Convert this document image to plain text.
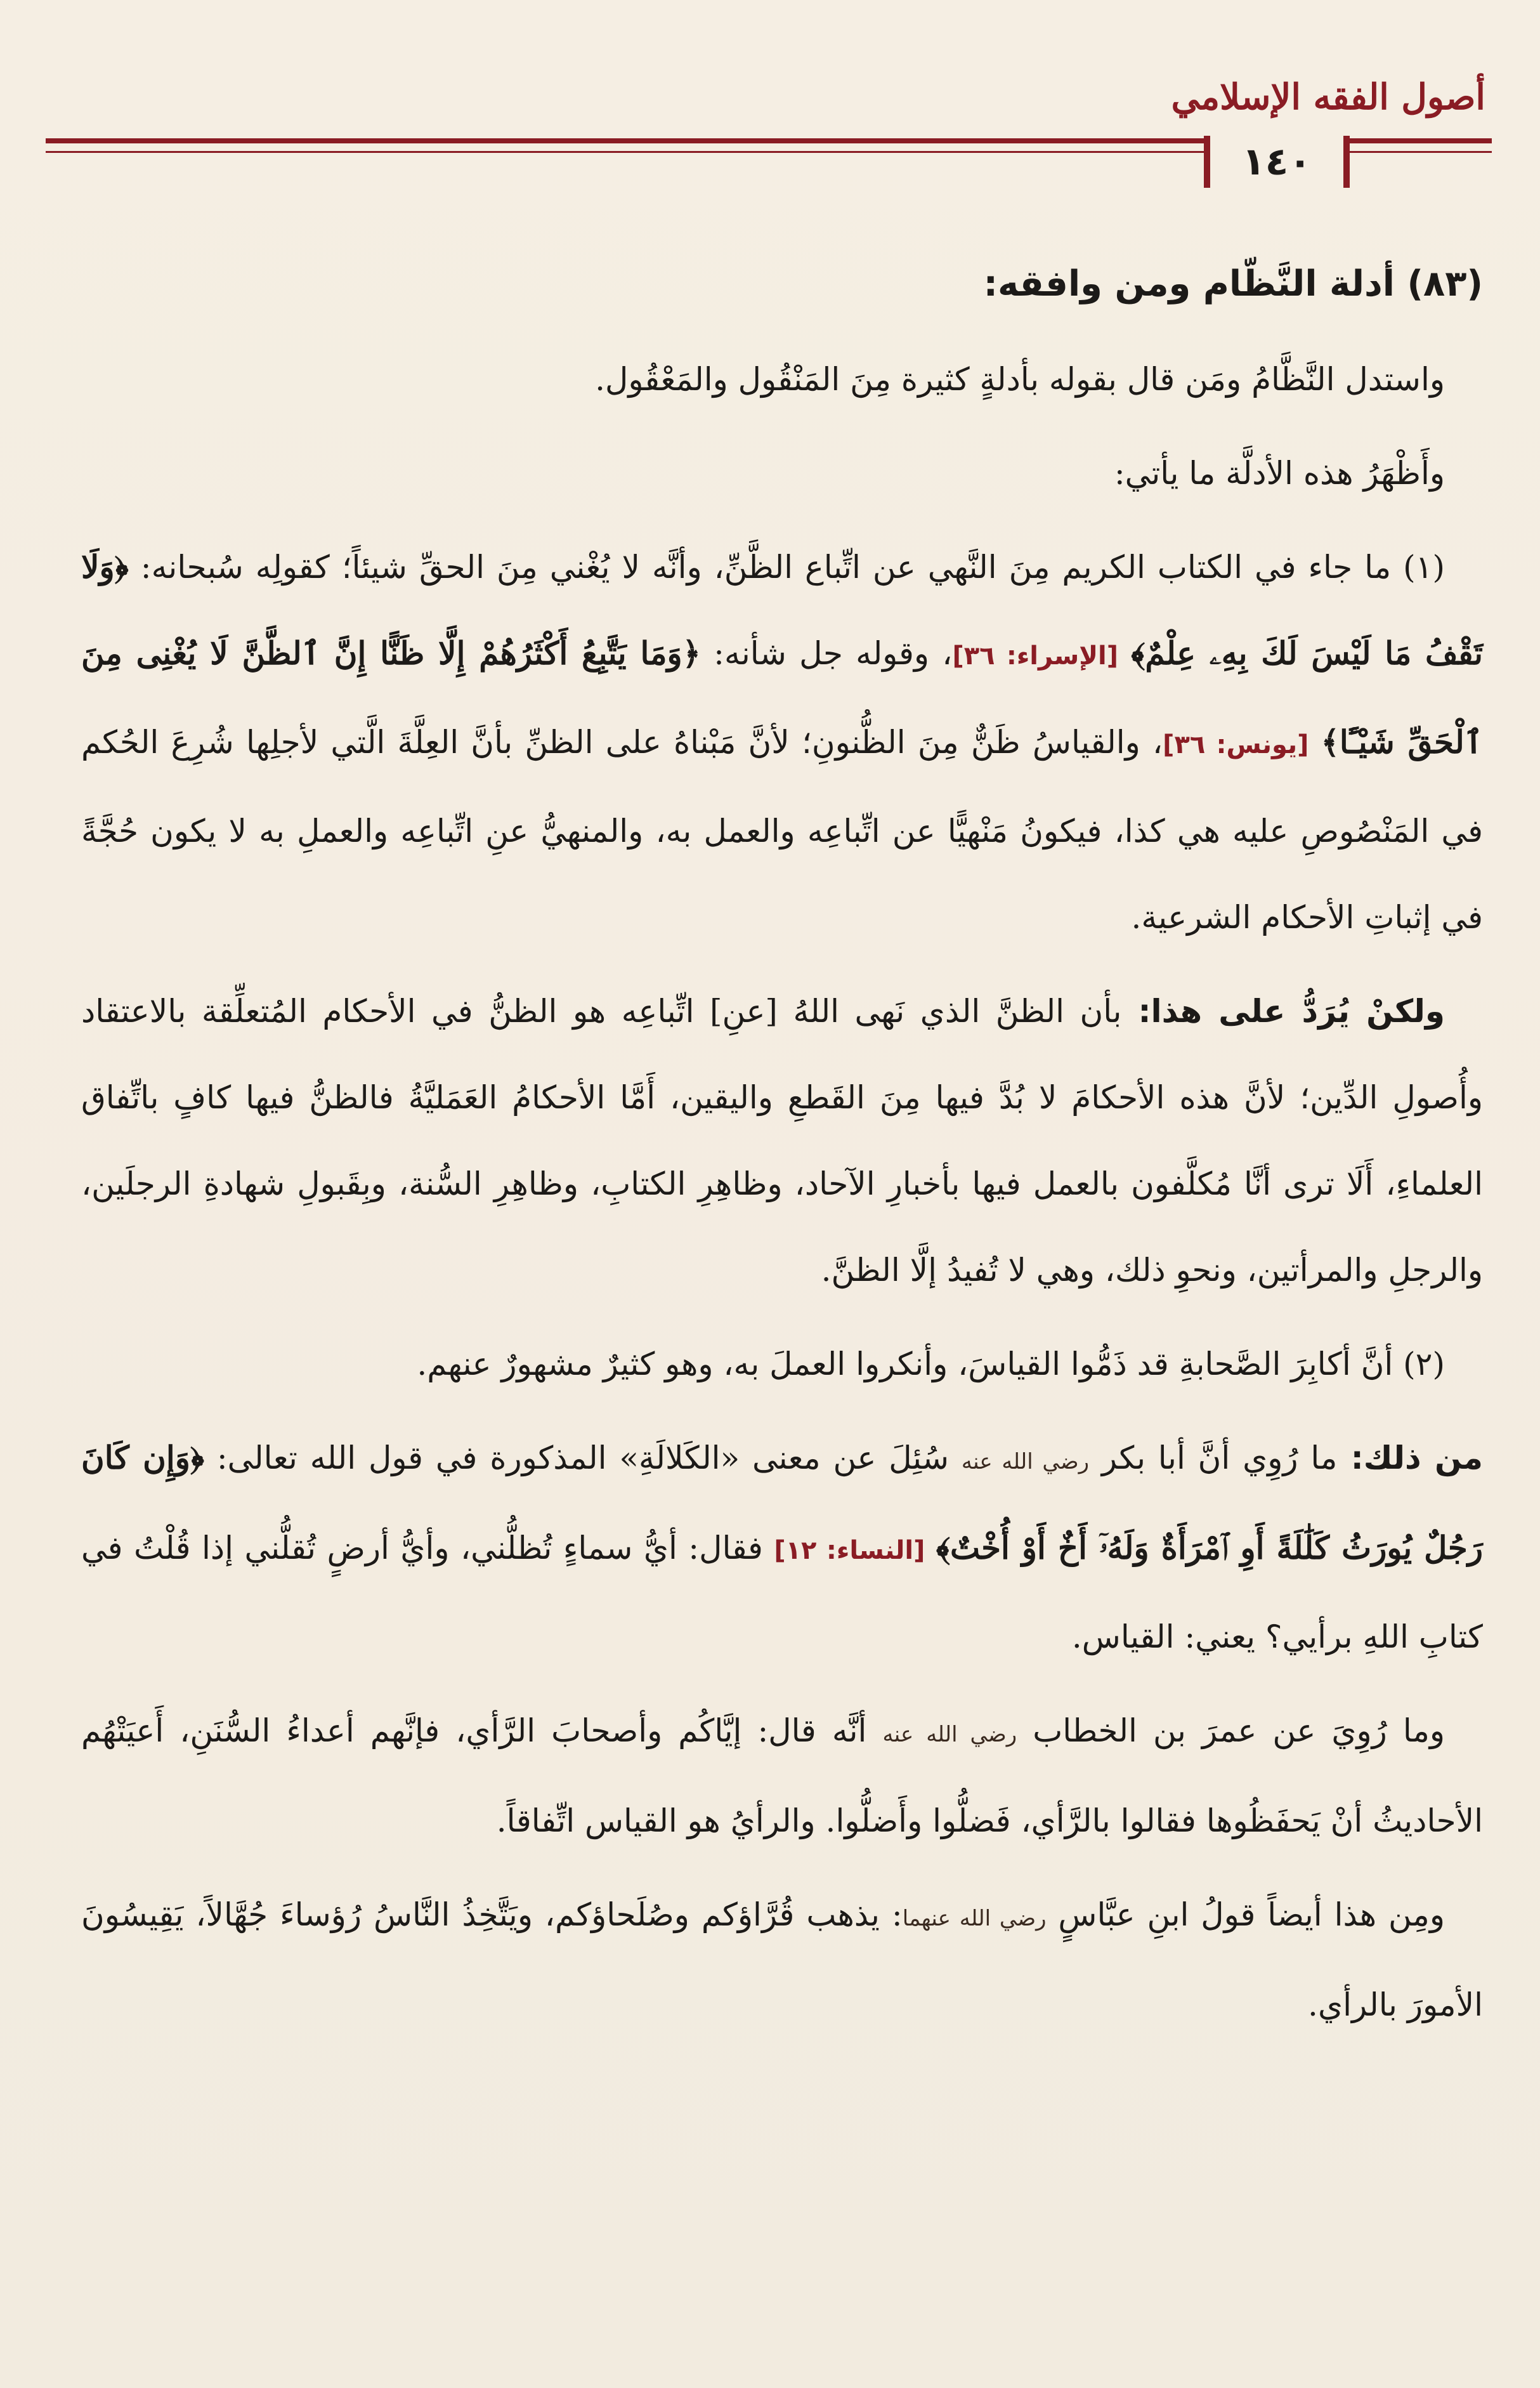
أصول الفقه الإسلامي
١٤٠
(٨٣) أدلة النَّظّام ومن وافقه:

واستدل النَّظَّامُ ومَن قال بقوله بأدلةٍ كثيرة مِنَ المَنْقُول والمَعْقُول.

وأَظْهَرُ هذه الأدلَّة ما يأتي:

(١) ما جاء في الكتاب الكريم مِنَ النَّهي عن اتِّباع الظَّنِّ، وأنَّه لا يُغْني مِنَ الحقِّ شيئاً؛ كقولِه سُبحانه: ﴿وَلَا تَقْفُ مَا لَيْسَ لَكَ بِهِۦ عِلْمٌ﴾ [الإسراء: ٣٦]، وقوله جل شأنه: ﴿وَمَا يَتَّبِعُ أَكْثَرُهُمْ إِلَّا ظَنًّا إِنَّ ٱلظَّنَّ لَا يُغْنِى مِنَ ٱلْحَقِّ شَيْـًٔا﴾ [يونس: ٣٦]، والقياسُ ظَنٌّ مِنَ الظُّنونِ؛ لأنَّ مَبْناهُ على الظنِّ بأنَّ العِلَّةَ الَّتي لأجلِها شُرِعَ الحُكم في المَنْصُوصِ عليه هي كذا، فيكونُ مَنْهيًّا عن اتِّباعِه والعمل به، والمنهيُّ عنِ اتِّباعِه والعملِ به لا يكون حُجَّةً في إثباتِ الأحكام الشرعية.

ولكنْ يُرَدُّ على هذا: بأن الظنَّ الذي نَهى اللهُ [عنِ] اتِّباعِه هو الظنُّ في الأحكام المُتعلِّقة بالاعتقاد وأُصولِ الدِّين؛ لأنَّ هذه الأحكامَ لا بُدَّ فيها مِنَ القَطعِ واليقين، أَمَّا الأحكامُ العَمَليَّةُ فالظنُّ فيها كافٍ باتِّفاق العلماءِ، أَلَا ترى أنَّا مُكلَّفون بالعمل فيها بأخبارِ الآحاد، وظاهِرِ الكتابِ، وظاهِرِ السُّنة، وبِقَبولِ شهادةِ الرجلَين، والرجلِ والمرأتين، ونحوِ ذلك، وهي لا تُفيدُ إلَّا الظنَّ.

(٢) أنَّ أكابِرَ الصَّحابةِ قد ذَمُّوا القياسَ، وأنكروا العملَ به، وهو كثيرٌ مشهورٌ عنهم.

من ذلك: ما رُوِي أنَّ أبا بكر رضي الله عنه سُئِلَ عن معنى «الكَلالَةِ» المذكورة في قول الله تعالى: ﴿وَإِن كَانَ رَجُلٌ يُورَثُ كَلَٰلَةً أَوِ ٱمْرَأَةٌ وَلَهُۥٓ أَخٌ أَوْ أُخْتٌ﴾ [النساء: ١٢] فقال: أيُّ سماءٍ تُظلُّني، وأيُّ أرضٍ تُقلُّني إذا قُلْتُ في كتابِ اللهِ برأيي؟ يعني: القياس.

وما رُوِيَ عن عمرَ بن الخطاب رضي الله عنه أنَّه قال: إيَّاكُم وأصحابَ الرَّأي، فإنَّهم أعداءُ السُّنَنِ، أَعيَتْهُم الأحاديثُ أنْ يَحفَظُوها فقالوا بالرَّأي، فَضلُّوا وأَضلُّوا. والرأيُ هو القياس اتِّفاقاً.

ومِن هذا أيضاً قولُ ابنِ عبَّاسٍ رضي الله عنهما: يذهب قُرَّاؤكم وصُلَحاؤكم، ويَتَّخِذُ النَّاسُ رُؤساءَ جُهَّالاً، يَقِيسُونَ الأمورَ بالرأي.
